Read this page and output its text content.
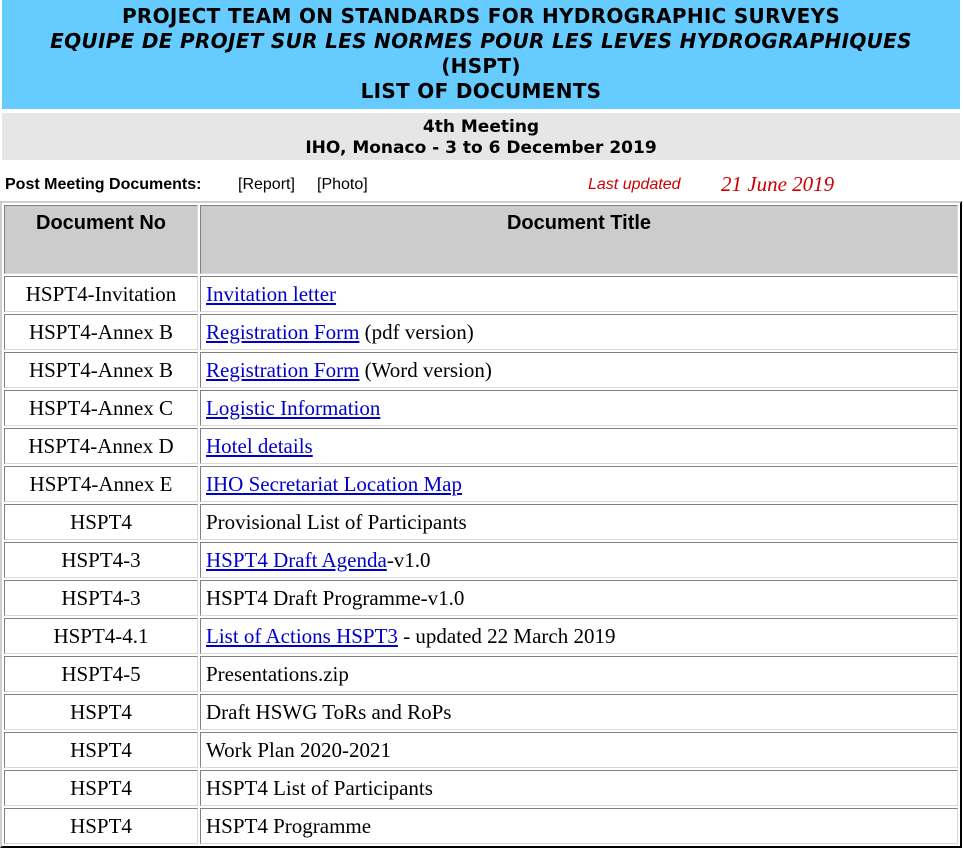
PROJECT TEAM ON STANDARDS FOR HYDROGRAPHIC SURVEYS
EQUIPE DE PROJET SUR LES NORMES POUR LES LEVES HYDROGRAPHIQUES
(HSPT)
LIST OF DOCUMENTS
4th Meeting
IHO, Monaco - 3 to 6 December 2019
Post Meeting Documents: [Report] [Photo]	Last updated 21 June 2019
Document No	Document Title
HSPT4-Invitation	Invitation letter
HSPT4-Annex B	Registration Form (pdf version)
HSPT4-Annex B	Registration Form (Word version)
HSPT4-Annex C	Logistic Information
HSPT4-Annex D	Hotel details
HSPT4-Annex E	IHO Secretariat Location Map
HSPT4	Provisional List of Participants
HSPT4-3	HSPT4 Draft Agenda-v1.0
HSPT4-3	HSPT4 Draft Programme-v1.0
HSPT4-4.1	List of Actions HSPT3 - updated 22 March 2019
HSPT4-5	Presentations.zip
HSPT4	Draft HSWG ToRs and RoPs
HSPT4	Work Plan 2020-2021
HSPT4	HSPT4 List of Participants
HSPT4	HSPT4 Programme
